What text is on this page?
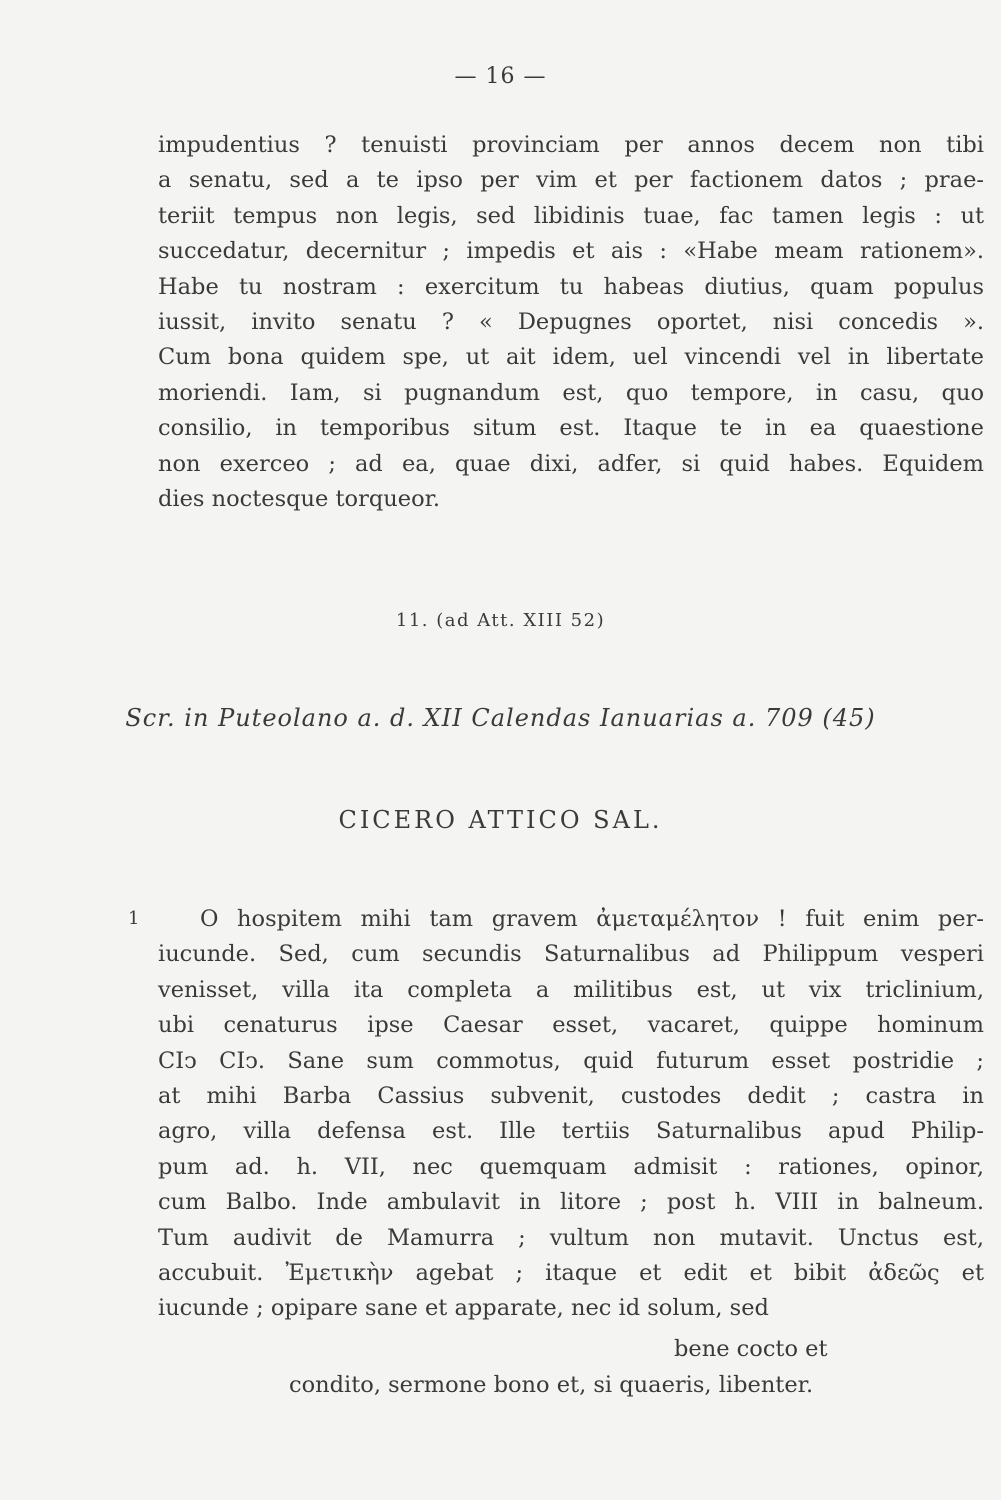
— 16 —
impudentius ? tenuisti provinciam per annos decem non tibi
a senatu, sed a te ipso per vim et per factionem datos ; prae-
teriit tempus non legis, sed libidinis tuae, fac tamen legis : ut
succedatur, decernitur ; impedis et ais : «Habe meam rationem».
Habe tu nostram : exercitum tu habeas diutius, quam populus
iussit, invito senatu ? « Depugnes oportet, nisi concedis ».
Cum bona quidem spe, ut ait idem, uel vincendi vel in libertate
moriendi. Iam, si pugnandum est, quo tempore, in casu, quo
consilio, in temporibus situm est. Itaque te in ea quaestione
non exerceo ; ad ea, quae dixi, adfer, si quid habes. Equidem
dies noctesque torqueor.
11. (ad Att. XIII 52)
Scr. in Puteolano a. d. XII Calendas Ianuarias a. 709 (45)
CICERO ATTICO SAL.
1	O hospitem mihi tam gravem ἀμεταμέλητον ! fuit enim per-
iucunde. Sed, cum secundis Saturnalibus ad Philippum vesperi
venisset, villa ita completa a militibus est, ut vix triclinium,
ubi cenaturus ipse Caesar esset, vacaret, quippe hominum
CIↄ CIↄ. Sane sum commotus, quid futurum esset postridie ;
at mihi Barba Cassius subvenit, custodes dedit ; castra in
agro, villa defensa est. Ille tertiis Saturnalibus apud Philip-
pum ad. h. VII, nec quemquam admisit : rationes, opinor,
cum Balbo. Inde ambulavit in litore ; post h. VIII in balneum.
Tum audivit de Mamurra ; vultum non mutavit. Unctus est,
accubuit. Ἐμετικὴν agebat ; itaque et edit et bibit ἀδεῶς et
iucunde ; opipare sane et apparate, nec id solum, sed
bene cocto et
condito, sermone bono et, si quaeris, libenter.
